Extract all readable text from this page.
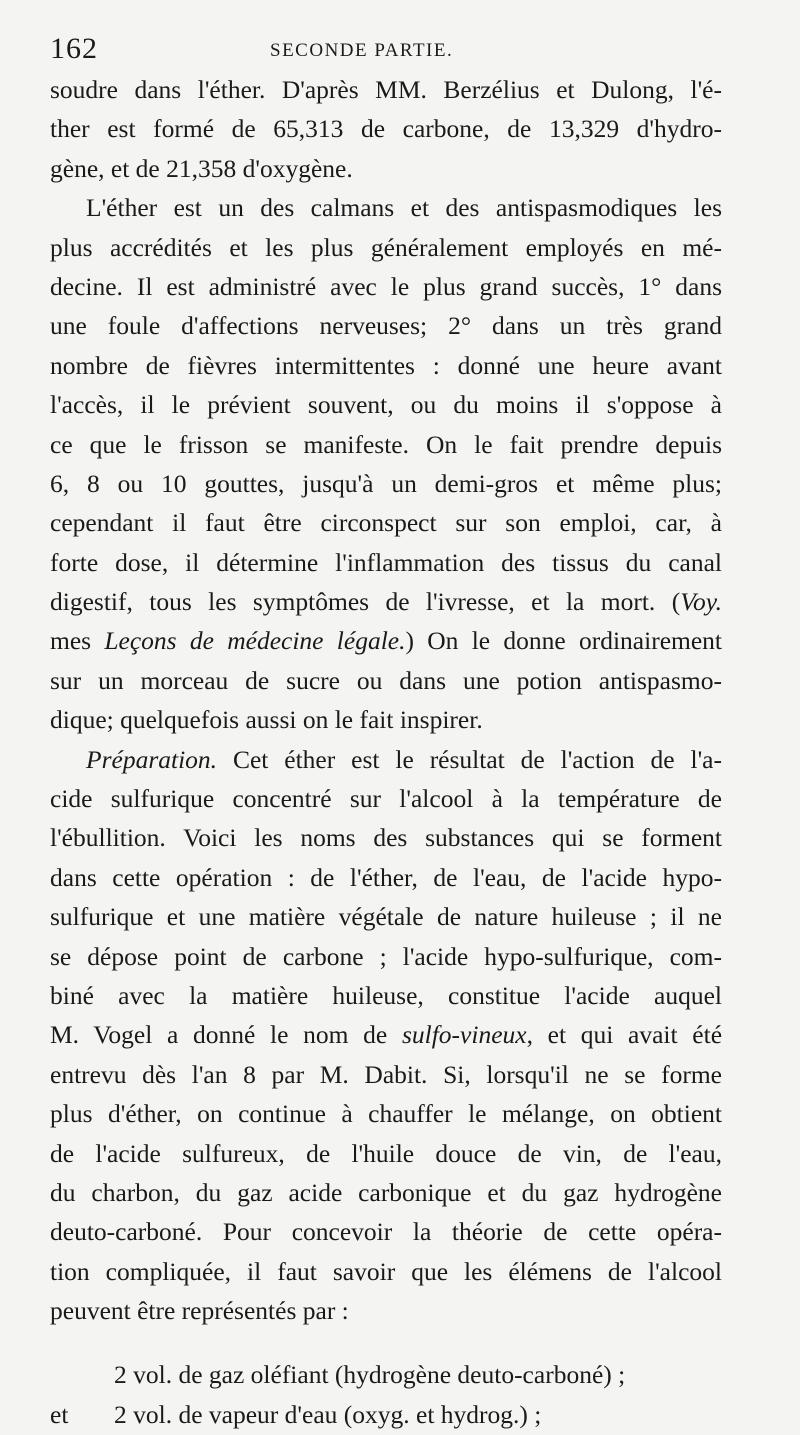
162	SECONDE PARTIE.
soudre dans l'éther. D'après MM. Berzélius et Dulong, l'é-
ther est formé de 65,313 de carbone, de 13,329 d'hydro-
gène, et de 21,358 d'oxygène.
L'éther est un des calmans et des antispasmodiques les
plus accrédités et les plus généralement employés en mé-
decine. Il est administré avec le plus grand succès, 1° dans
une foule d'affections nerveuses; 2° dans un très grand
nombre de fièvres intermittentes : donné une heure avant
l'accès, il le prévient souvent, ou du moins il s'oppose à
ce que le frisson se manifeste. On le fait prendre depuis
6, 8 ou 10 gouttes, jusqu'à un demi-gros et même plus;
cependant il faut être circonspect sur son emploi, car, à
forte dose, il détermine l'inflammation des tissus du canal
digestif, tous les symptômes de l'ivresse, et la mort. (Voy.
mes Leçons de médecine légale.) On le donne ordinairement
sur un morceau de sucre ou dans une potion antispasmo-
dique; quelquefois aussi on le fait inspirer.
Préparation. Cet éther est le résultat de l'action de l'a-
cide sulfurique concentré sur l'alcool à la température de
l'ébullition. Voici les noms des substances qui se forment
dans cette opération : de l'éther, de l'eau, de l'acide hypo-
sulfurique et une matière végétale de nature huileuse ; il ne
se dépose point de carbone ; l'acide hypo-sulfurique, com-
biné avec la matière huileuse, constitue l'acide auquel
M. Vogel a donné le nom de sulfo-vineux, et qui avait été
entrevu dès l'an 8 par M. Dabit. Si, lorsqu'il ne se forme
plus d'éther, on continue à chauffer le mélange, on obtient
de l'acide sulfureux, de l'huile douce de vin, de l'eau,
du charbon, du gaz acide carbonique et du gaz hydrogène
deuto-carboné. Pour concevoir la théorie de cette opéra-
tion compliquée, il faut savoir que les élémens de l'alcool
peuvent être représentés par :
2 vol. de gaz oléfiant (hydrogène deuto-carboné) ;
et 2 vol. de vapeur d'eau (oxyg. et hydrog.) ;
